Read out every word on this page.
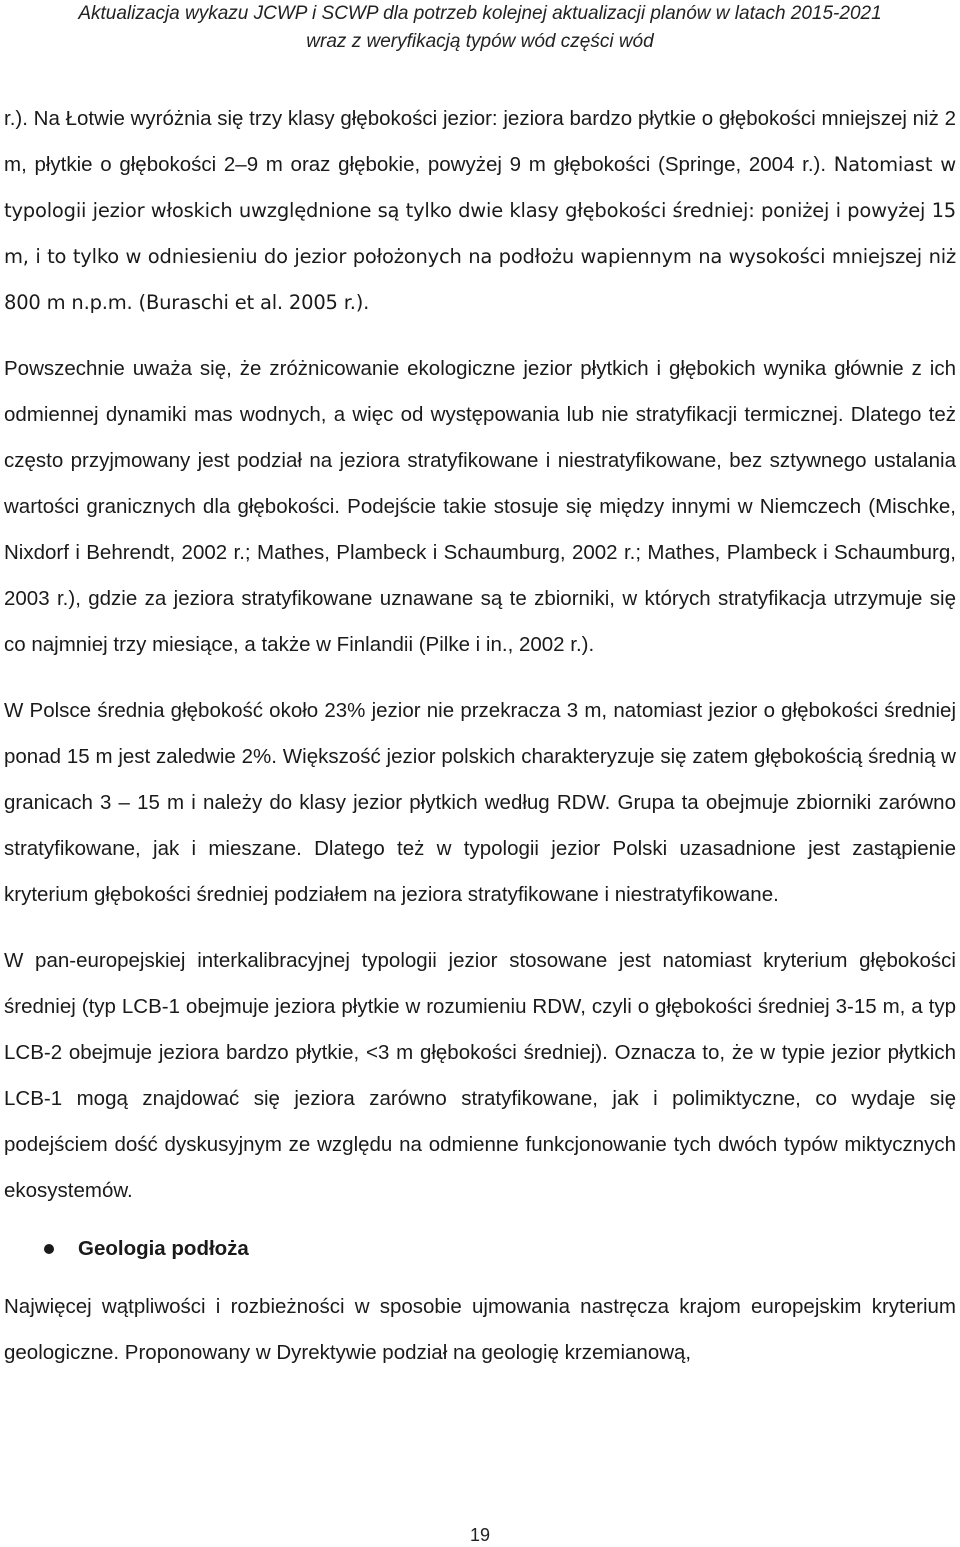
Aktualizacja wykazu JCWP i SCWP dla potrzeb kolejnej aktualizacji planów w latach 2015-2021
wraz z weryfikacją typów wód części wód

r.). Na Łotwie wyróżnia się trzy klasy głębokości jezior: jeziora bardzo płytkie o głębokości mniejszej niż 2 m, płytkie o głębokości 2–9 m oraz głębokie, powyżej 9 m głębokości (Springe, 2004 r.). Natomiast w typologii jezior włoskich uwzględnione są tylko dwie klasy głębokości średniej: poniżej i powyżej 15 m, i to tylko w odniesieniu do jezior położonych na podłożu wapiennym na wysokości mniejszej niż 800 m n.p.m. (Buraschi et al. 2005 r.).

Powszechnie uważa się, że zróżnicowanie ekologiczne jezior płytkich i głębokich wynika głównie z ich odmiennej dynamiki mas wodnych, a więc od występowania lub nie stratyfikacji termicznej. Dlatego też często przyjmowany jest podział na jeziora stratyfikowane i niestratyfikowane, bez sztywnego ustalania wartości granicznych dla głębokości. Podejście takie stosuje się między innymi w Niemczech (Mischke, Nixdorf i Behrendt, 2002 r.; Mathes, Plambeck i Schaumburg, 2002 r.; Mathes, Plambeck i Schaumburg, 2003 r.), gdzie za jeziora stratyfikowane uznawane są te zbiorniki, w których stratyfikacja utrzymuje się co najmniej trzy miesiące, a także w Finlandii (Pilke i in., 2002 r.).

W Polsce średnia głębokość około 23% jezior nie przekracza 3 m, natomiast jezior o głębokości średniej ponad 15 m jest zaledwie 2%. Większość jezior polskich charakteryzuje się zatem głębokością średnią w granicach 3 – 15 m i należy do klasy jezior płytkich według RDW. Grupa ta obejmuje zbiorniki zarówno stratyfikowane, jak i mieszane. Dlatego też w typologii jezior Polski uzasadnione jest zastąpienie kryterium głębokości średniej podziałem na jeziora stratyfikowane i niestratyfikowane.

W pan-europejskiej interkalibracyjnej typologii jezior stosowane jest natomiast kryterium głębokości średniej (typ LCB-1 obejmuje jeziora płytkie w rozumieniu RDW, czyli o głębokości średniej 3-15 m, a typ LCB-2 obejmuje jeziora bardzo płytkie, <3 m głębokości średniej). Oznacza to, że w typie jezior płytkich LCB-1 mogą znajdować się jeziora zarówno stratyfikowane, jak i polimiktyczne, co wydaje się podejściem dość dyskusyjnym ze względu na odmienne funkcjonowanie tych dwóch typów miktycznych ekosystemów.

Geologia podłoża

Najwięcej wątpliwości i rozbieżności w sposobie ujmowania nastręcza krajom europejskim kryterium geologiczne. Proponowany w Dyrektywie podział na geologię krzemianową,

19
